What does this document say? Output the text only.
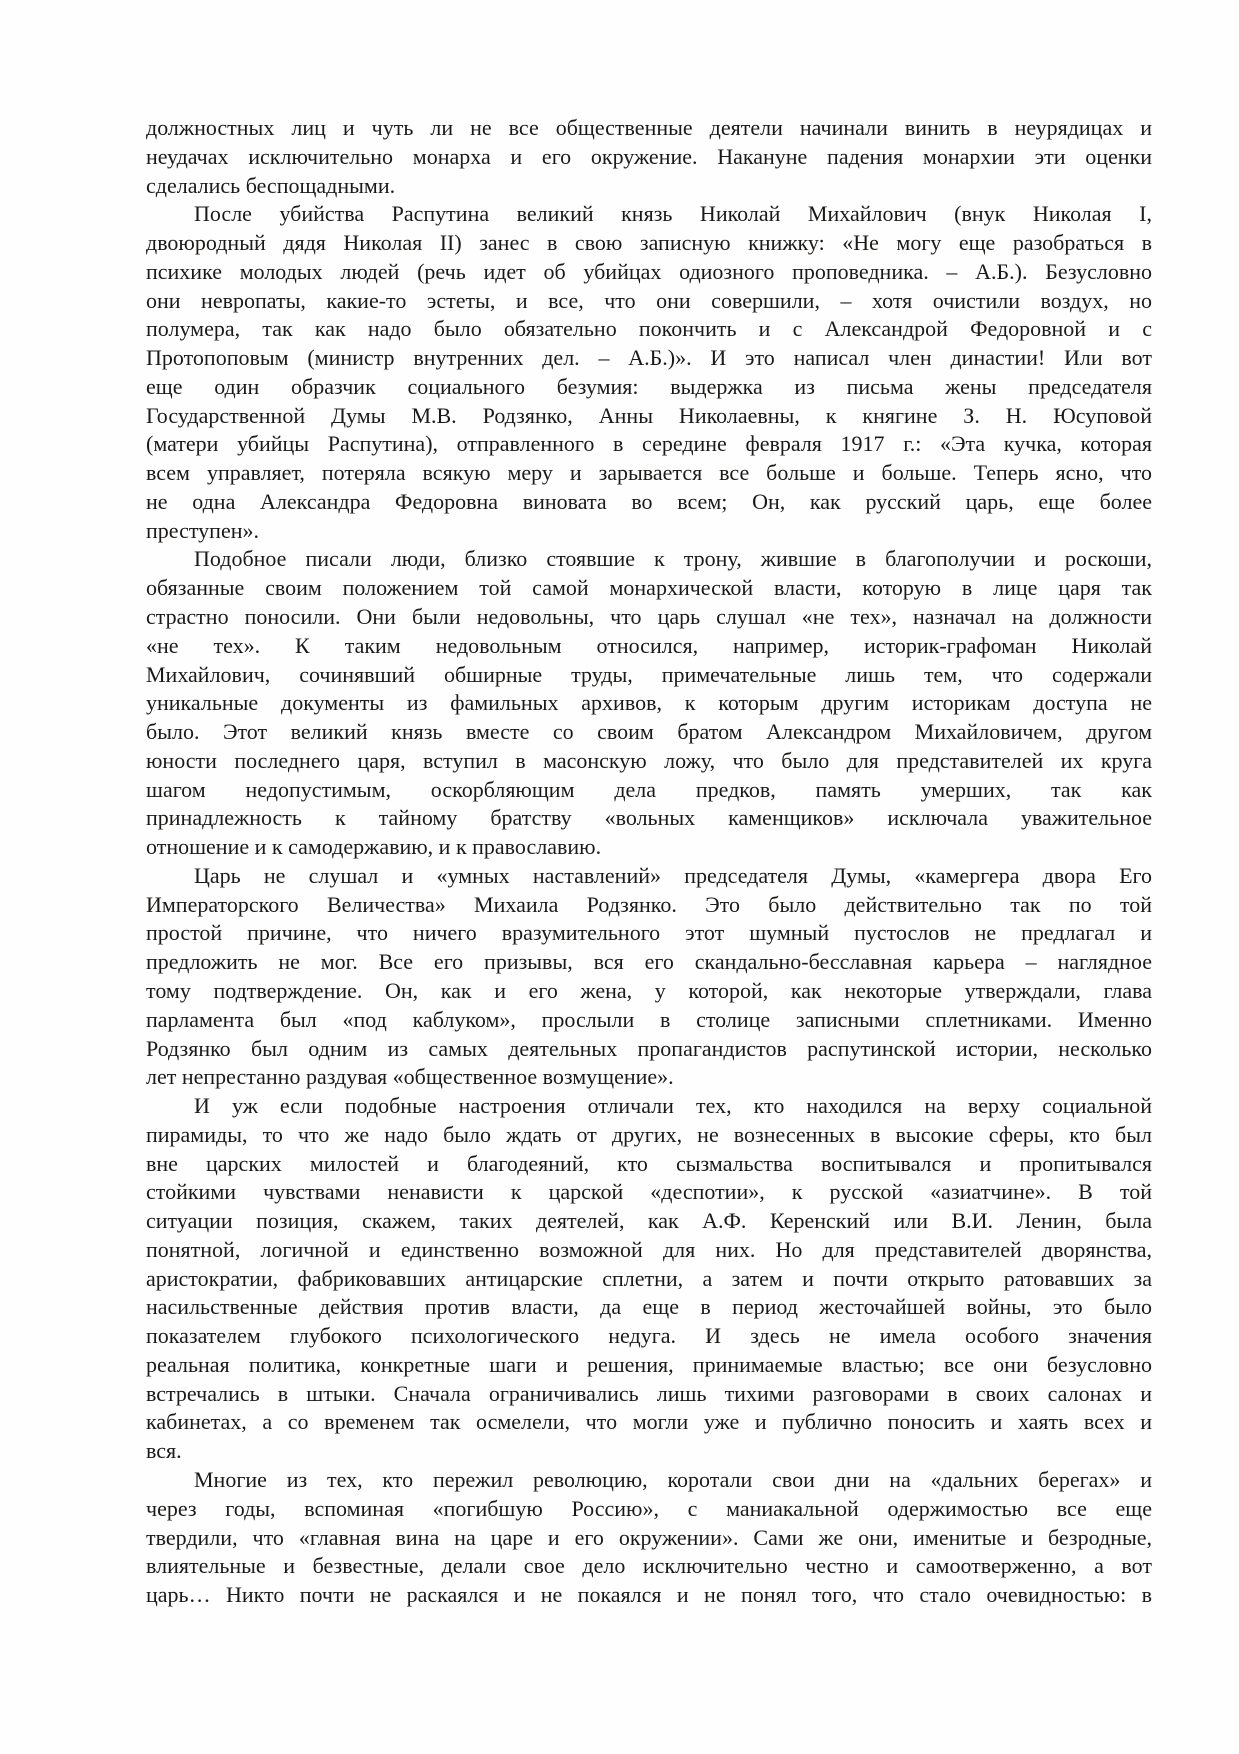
должностных лиц и чуть ли не все общественные деятели начинали винить в неурядицах и
неудачах исключительно монарха и его окружение. Накануне падения монархии эти оценки
сделались беспощадными.
После убийства Распутина великий князь Николай Михайлович (внук Николая I,
двоюродный дядя Николая II) занес в свою записную книжку: «Не могу еще разобраться в
психике молодых людей (речь идет об убийцах одиозного проповедника. – А.Б.). Безусловно
они невропаты, какие-то эстеты, и все, что они совершили, – хотя очистили воздух, но
полумера, так как надо было обязательно покончить и с Александрой Федоровной и с
Протопоповым (министр внутренних дел. – А.Б.)». И это написал член династии! Или вот
еще один образчик социального безумия: выдержка из письма жены председателя
Государственной Думы М.В. Родзянко, Анны Николаевны, к княгине З. Н. Юсуповой
(матери убийцы Распутина), отправленного в середине февраля 1917 г.: «Эта кучка, которая
всем управляет, потеряла всякую меру и зарывается все больше и больше. Теперь ясно, что
не одна Александра Федоровна виновата во всем; Он, как русский царь, еще более
преступен».
Подобное писали люди, близко стоявшие к трону, жившие в благополучии и роскоши,
обязанные своим положением той самой монархической власти, которую в лице царя так
страстно поносили. Они были недовольны, что царь слушал «не тех», назначал на должности
«не тех». К таким недовольным относился, например, историк-графоман Николай
Михайлович, сочинявший обширные труды, примечательные лишь тем, что содержали
уникальные документы из фамильных архивов, к которым другим историкам доступа не
было. Этот великий князь вместе со своим братом Александром Михайловичем, другом
юности последнего царя, вступил в масонскую ложу, что было для представителей их круга
шагом недопустимым, оскорбляющим дела предков, память умерших, так как
принадлежность к тайному братству «вольных каменщиков» исключала уважительное
отношение и к самодержавию, и к православию.
Царь не слушал и «умных наставлений» председателя Думы, «камергера двора Его
Императорского Величества» Михаила Родзянко. Это было действительно так по той
простой причине, что ничего вразумительного этот шумный пустослов не предлагал и
предложить не мог. Все его призывы, вся его скандально-бесславная карьера – наглядное
тому подтверждение. Он, как и его жена, у которой, как некоторые утверждали, глава
парламента был «под каблуком», прослыли в столице записными сплетниками. Именно
Родзянко был одним из самых деятельных пропагандистов распутинской истории, несколько
лет непрестанно раздувая «общественное возмущение».
И уж если подобные настроения отличали тех, кто находился на верху социальной
пирамиды, то что же надо было ждать от других, не вознесенных в высокие сферы, кто был
вне царских милостей и благодеяний, кто сызмальства воспитывался и пропитывался
стойкими чувствами ненависти к царской «деспотии», к русской «азиатчине». В той
ситуации позиция, скажем, таких деятелей, как А.Ф. Керенский или В.И. Ленин, была
понятной, логичной и единственно возможной для них. Но для представителей дворянства,
аристократии, фабриковавших антицарские сплетни, а затем и почти открыто ратовавших за
насильственные действия против власти, да еще в период жесточайшей войны, это было
показателем глубокого психологического недуга. И здесь не имела особого значения
реальная политика, конкретные шаги и решения, принимаемые властью; все они безусловно
встречались в штыки. Сначала ограничивались лишь тихими разговорами в своих салонах и
кабинетах, а со временем так осмелели, что могли уже и публично поносить и хаять всех и
вся.
Многие из тех, кто пережил революцию, коротали свои дни на «дальних берегах» и
через годы, вспоминая «погибшую Россию», с маниакальной одержимостью все еще
твердили, что «главная вина на царе и его окружении». Сами же они, именитые и безродные,
влиятельные и безвестные, делали свое дело исключительно честно и самоотверженно, а вот
царь… Никто почти не раскаялся и не покаялся и не понял того, что стало очевидностью: в
